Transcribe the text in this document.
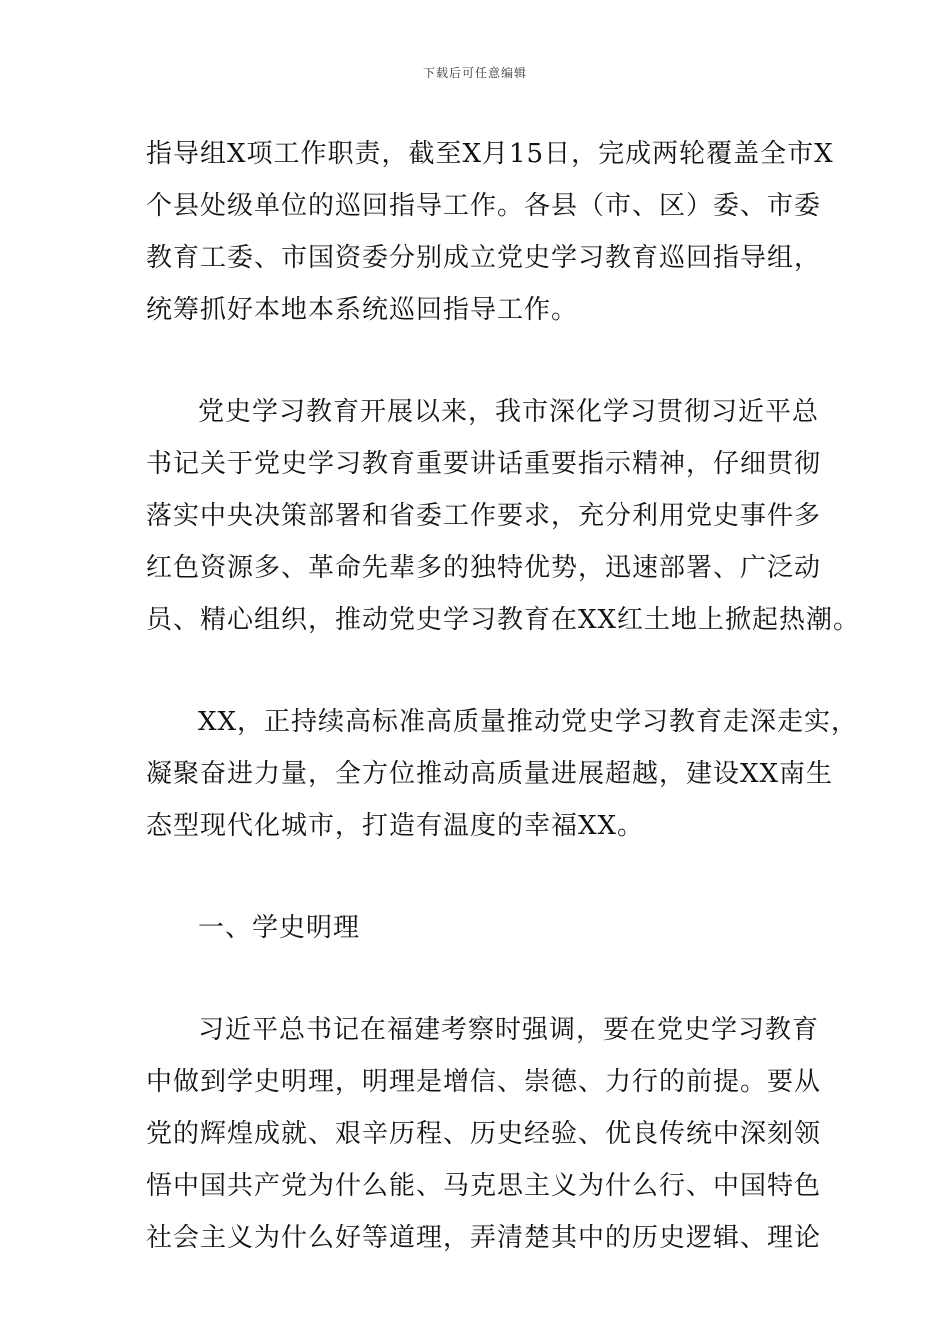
下载后可任意编辑
指导组X项工作职责，截至X月15日，完成两轮覆盖全市X
个县处级单位的巡回指导工作。各县（市、区）委、市委
教育工委、市国资委分别成立党史学习教育巡回指导组，
统筹抓好本地本系统巡回指导工作。
党史学习教育开展以来，我市深化学习贯彻习近平总
书记关于党史学习教育重要讲话重要指示精神，仔细贯彻
落实中央决策部署和省委工作要求，充分利用党史事件多
红色资源多、革命先辈多的独特优势，迅速部署、广泛动
员、精心组织，推动党史学习教育在XX红土地上掀起热潮。
XX，正持续高标准高质量推动党史学习教育走深走实，
凝聚奋进力量，全方位推动高质量进展超越，建设XX南生
态型现代化城市，打造有温度的幸福XX。
一、学史明理
习近平总书记在福建考察时强调，要在党史学习教育
中做到学史明理，明理是增信、崇德、力行的前提。要从
党的辉煌成就、艰辛历程、历史经验、优良传统中深刻领
悟中国共产党为什么能、马克思主义为什么行、中国特色
社会主义为什么好等道理，弄清楚其中的历史逻辑、理论
